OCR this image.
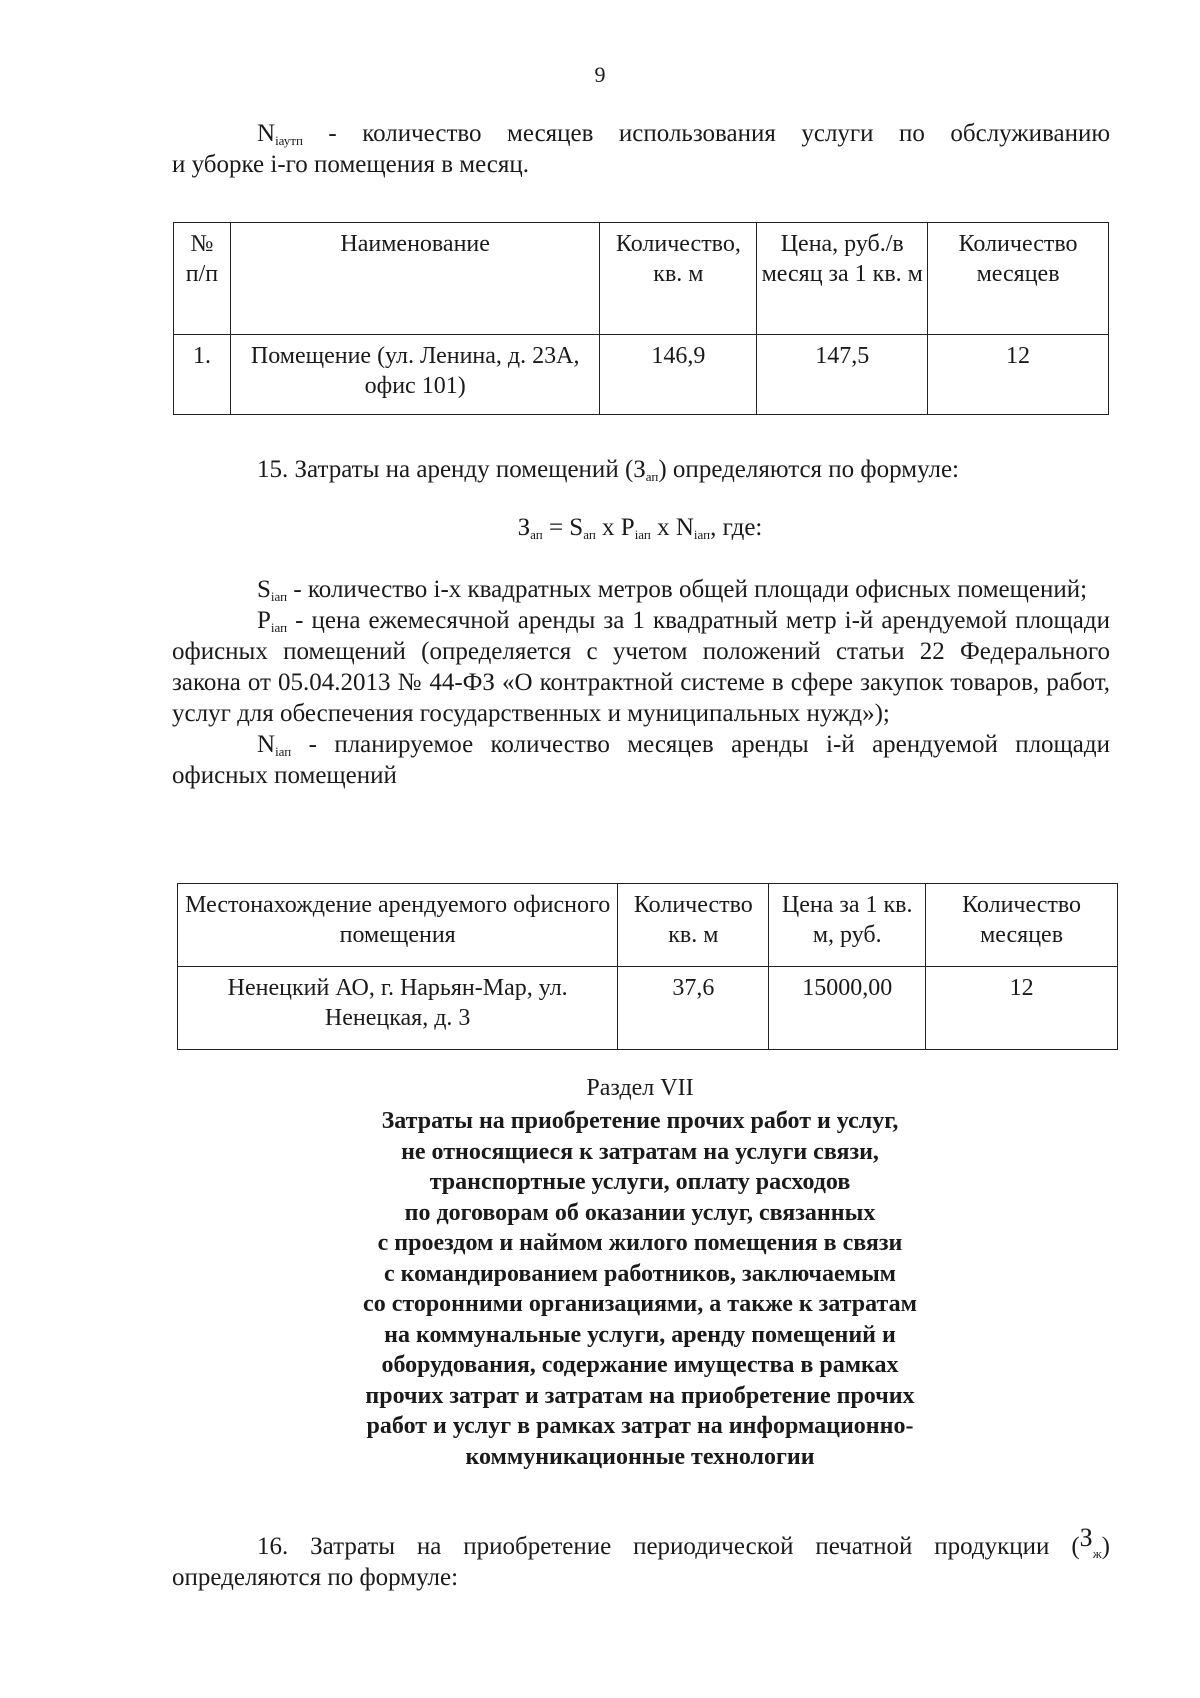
9
$N_{iаутп}$ - количество месяцев использования услуги по обслуживанию
и уборке i-го помещения в месяц.
№ п/п	Наименование	Количество, кв. м	Цена, руб./в месяц за 1 кв. м	Количество месяцев
1.	Помещение (ул. Ленина, д. 23А, офис 101)	146,9	147,5	12
15. Затраты на аренду помещений $(З_{ап})$ определяются по формуле:
$З_{ап} = S_{ап}$ x $P_{iап}$ x $N_{iап}$, где:
$S_{iап}$ - количество i-х квадратных метров общей площади офисных помещений;
$P_{iап}$ - цена ежемесячной аренды за 1 квадратный метр i-й арендуемой площади офисных помещений (определяется с учетом положений статьи 22 Федерального закона от 05.04.2013 № 44-ФЗ «О контрактной системе в сфере закупок товаров, работ, услуг для обеспечения государственных и муниципальных нужд»);
$N_{iап}$ - планируемое количество месяцев аренды i-й арендуемой площади офисных помещений
Местонахождение арендуемого офисного помещения	Количество кв. м	Цена за 1 кв. м, руб.	Количество месяцев
Ненецкий АО, г. Нарьян-Мар, ул. Ненецкая, д. 3	37,6	15000,00	12
Раздел VII
Затраты на приобретение прочих работ и услуг,
не относящиеся к затратам на услуги связи,
транспортные услуги, оплату расходов
по договорам об оказании услуг, связанных
с проездом и наймом жилого помещения в связи
с командированием работников, заключаемым
со сторонними организациями, а также к затратам
на коммунальные услуги, аренду помещений и
оборудования, содержание имущества в рамках
прочих затрат и затратам на приобретение прочих
работ и услуг в рамках затрат на информационно-
коммуникационные технологии
16. Затраты на приобретение периодической печатной продукции $(З_ж)$
определяются по формуле:
